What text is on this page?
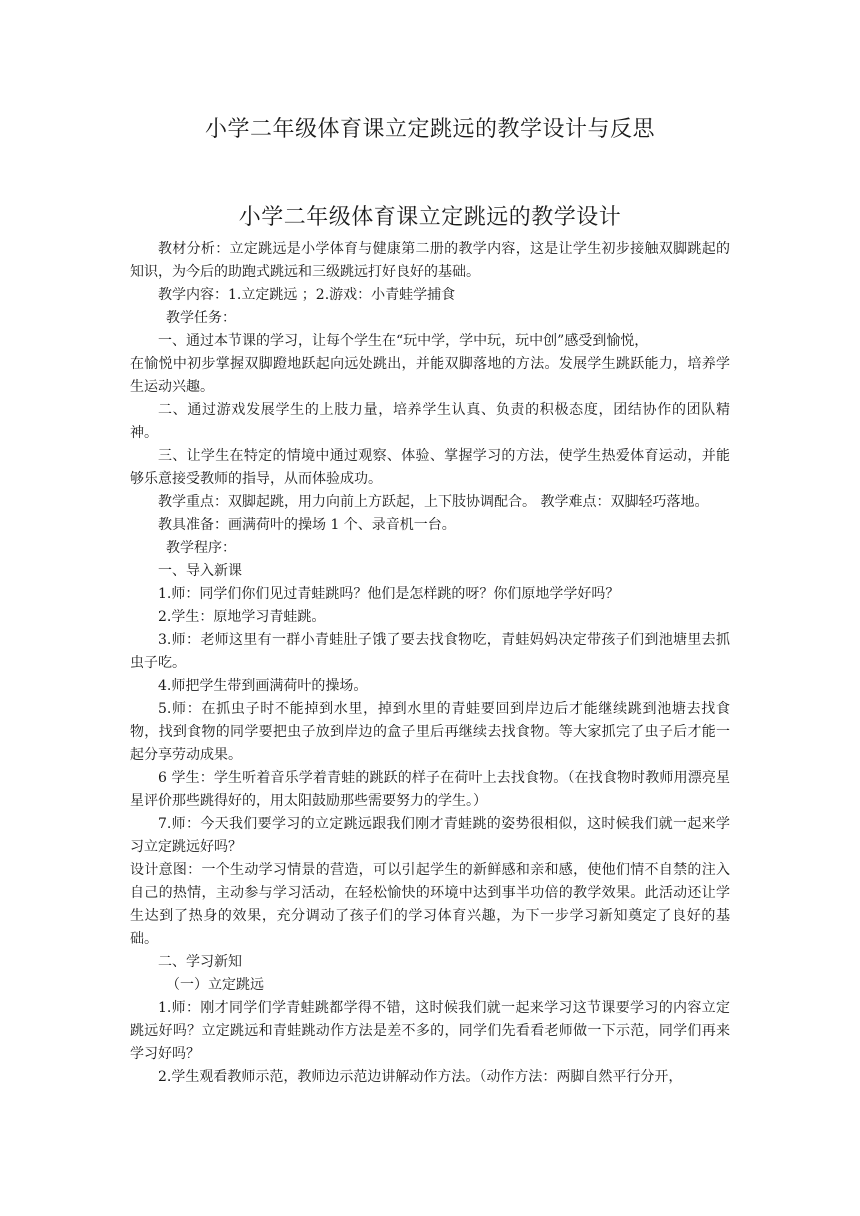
小学二年级体育课立定跳远的教学设计与反思
小学二年级体育课立定跳远的教学设计

教材分析：立定跳远是小学体育与健康第二册的教学内容，这是让学生初步接触双脚跳起的知识，为今后的助跑式跳远和三级跳远打好良好的基础。

教学内容：1.立定跳远 ；2.游戏：小青蛙学捕食

教学任务：

一、通过本节课的学习，让每个学生在“玩中学，学中玩，玩中创”感受到愉悦，

在愉悦中初步掌握双脚蹬地跃起向远处跳出，并能双脚落地的方法。发展学生跳跃能力，培养学生运动兴趣。

二、通过游戏发展学生的上肢力量，培养学生认真、负责的积极态度，团结协作的团队精神。

三、让学生在特定的情境中通过观察、体验、掌握学习的方法，使学生热爱体育运动，并能够乐意接受教师的指导，从而体验成功。

教学重点：双脚起跳，用力向前上方跃起，上下肢协调配合。 教学难点：双脚轻巧落地。

教具准备：画满荷叶的操场 1 个、录音机一台。

教学程序：

一、导入新课

1.师：同学们你们见过青蛙跳吗？他们是怎样跳的呀？你们原地学学好吗？

2.学生：原地学习青蛙跳。

3.师：老师这里有一群小青蛙肚子饿了要去找食物吃，青蛙妈妈决定带孩子们到池塘里去抓虫子吃。

4.师把学生带到画满荷叶的操场。

5.师：在抓虫子时不能掉到水里，掉到水里的青蛙要回到岸边后才能继续跳到池塘去找食物，找到食物的同学要把虫子放到岸边的盒子里后再继续去找食物。等大家抓完了虫子后才能一起分享劳动成果。

6 学生：学生听着音乐学着青蛙的跳跃的样子在荷叶上去找食物。（在找食物时教师用漂亮星星评价那些跳得好的，用太阳鼓励那些需要努力的学生。）

7.师：今天我们要学习的立定跳远跟我们刚才青蛙跳的姿势很相似，这时候我们就一起来学习立定跳远好吗？

设计意图：一个生动学习情景的营造，可以引起学生的新鲜感和亲和感，使他们情不自禁的注入自己的热情，主动参与学习活动，在轻松愉快的环境中达到事半功倍的教学效果。此活动还让学生达到了热身的效果，充分调动了孩子们的学习体育兴趣，为下一步学习新知奠定了良好的基础。

二、学习新知

（一）立定跳远

1.师：刚才同学们学青蛙跳都学得不错，这时候我们就一起来学习这节课要学习的内容立定跳远好吗？立定跳远和青蛙跳动作方法是差不多的，同学们先看看老师做一下示范，同学们再来学习好吗？

2.学生观看教师示范，教师边示范边讲解动作方法。（动作方法：两脚自然平行分开，
